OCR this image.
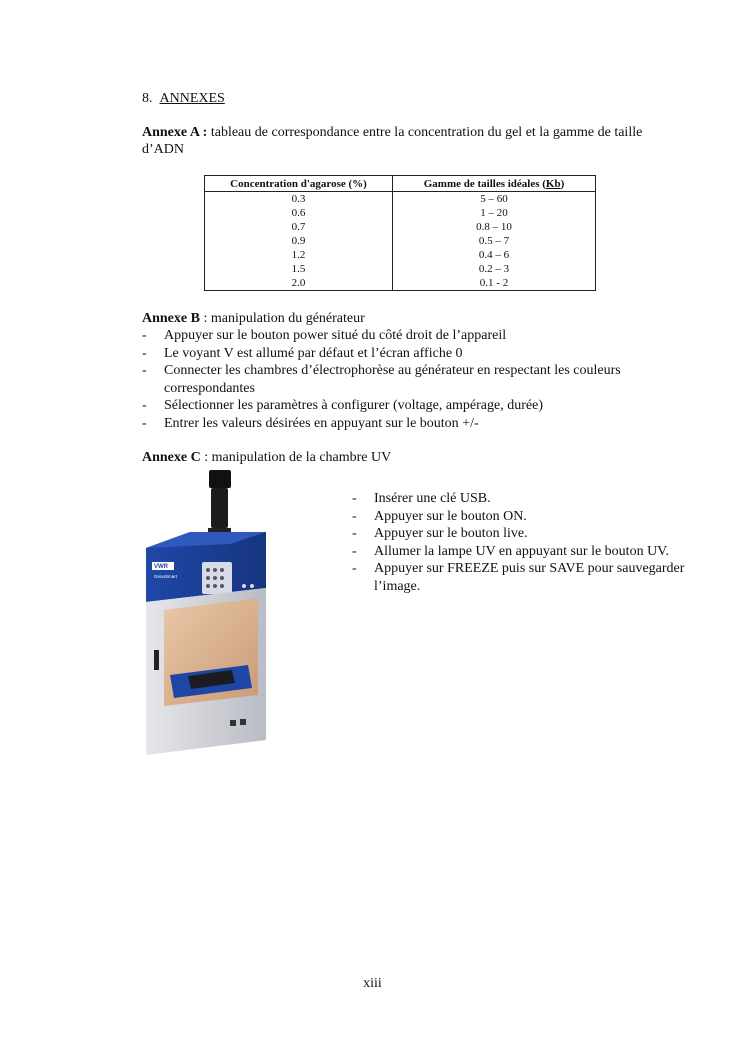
8. ANNEXES
Annexe A : tableau de correspondance entre la concentration du gel et la gamme de taille d’ADN
Concentration d'agarose (%)	Gamme de tailles idéales (Kb)
0.3	5 – 60
0.6	1 – 20
0.7	0.8 – 10
0.9	0.5 – 7
1.2	0.4 – 6
1.5	0.2 – 3
2.0	0.1 - 2
Annexe B : manipulation du générateur
- Appuyer sur le bouton power situé du côté droit de l’appareil
- Le voyant V est allumé par défaut et l’écran affiche 0
- Connecter les chambres d’électrophorèse au générateur en respectant les couleurs correspondantes
- Sélectionner les paramètres à configurer (voltage, ampérage, durée)
- Entrer les valeurs désirées en appuyant sur le bouton +/-
Annexe C : manipulation de la chambre UV
- Insérer une clé USB.
- Appuyer sur le bouton ON.
- Appuyer sur le bouton live.
- Allumer la lampe UV en appuyant sur le bouton UV.
- Appuyer sur FREEZE puis sur SAVE pour sauvegarder l’image.
VWR
GenoSmart
xiii
